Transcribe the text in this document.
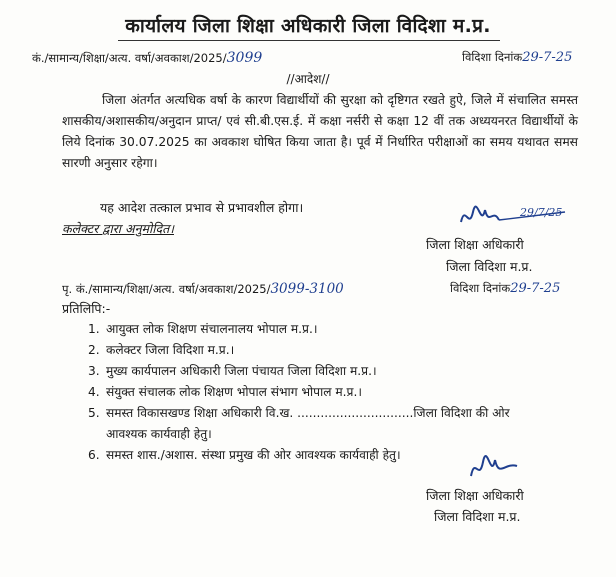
कार्यालय जिला शिक्षा अधिकारी जिला विदिशा म.प्र.
कं./सामान्य/शिक्षा/अत्य. वर्षा/अवकाश/2025/3099	विदिशा दिनांक29-7-25
//आदेश//
जिला अंतर्गत अत्यधिक वर्षा के कारण विद्यार्थीयों की सुरक्षा को दृष्टिगत रखते हुऐ, जिले में संचालित समस्त शासकीय/अशासकीय/अनुदान प्राप्त/ एवं सी.बी.एस.ई. में कक्षा नर्सरी से कक्षा 12 वीं तक अध्ययनरत विद्यार्थीयों के लिये दिनांक 30.07.2025 का अवकाश घोषित किया जाता है। पूर्व में निर्धारित परीक्षाओं का समय यथावत समस सारणी अनुसार रहेगा।
यह आदेश तत्काल प्रभाव से प्रभावशील होगा।
कलेक्टर द्वारा अनुमोदित।
29/7/25
जिला शिक्षा अधिकारी
जिला विदिशा म.प्र.
पृ. कं./सामान्य/शिक्षा/अत्य. वर्षा/अवकाश/2025/3099-3100	विदिशा दिनांक29-7-25
प्रतिलिपि:-
1. आयुक्त लोक शिक्षण संचालनालय भोपाल म.प्र.।
2. कलेक्टर जिला विदिशा म.प्र.।
3. मुख्य कार्यपालन अधिकारी जिला पंचायत जिला विदिशा म.प्र.।
4. संयुक्त संचालक लोक शिक्षण भोपाल संभाग भोपाल म.प्र.।
5. समस्त विकासखण्ड शिक्षा अधिकारी वि.ख. ..............................जिला विदिशा की ओर
आवश्यक कार्यवाही हेतु।
6. समस्त शास./अशास. संस्था प्रमुख की ओर आवश्यक कार्यवाही हेतु।
जिला शिक्षा अधिकारी
जिला विदिशा म.प्र.
